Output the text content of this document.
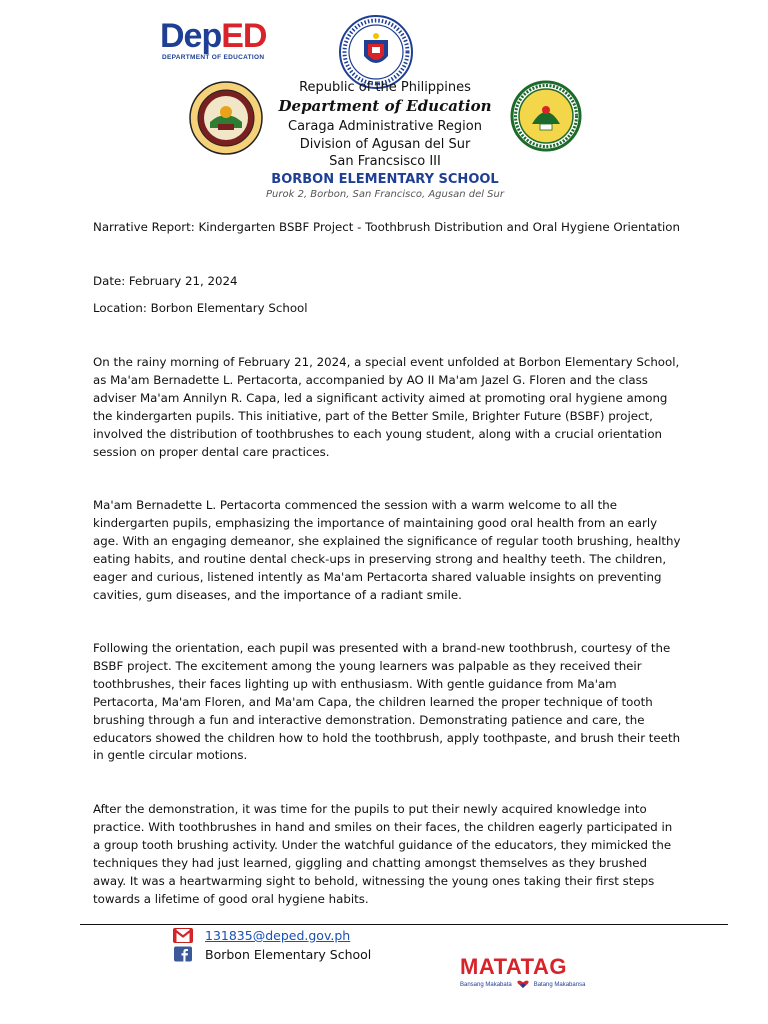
DepED
DEPARTMENT OF EDUCATION
Republic of the Philippines
Department of Education
Caraga Administrative Region
Division of Agusan del Sur
San Francsisco III
BORBON ELEMENTARY SCHOOL
Purok 2, Borbon, San Francisco, Agusan del Sur
Narrative Report: Kindergarten BSBF Project - Toothbrush Distribution and Oral Hygiene Orientation
Date: February 21, 2024
Location: Borbon Elementary School

On the rainy morning of February 21, 2024, a special event unfolded at Borbon Elementary School, as Ma'am Bernadette L. Pertacorta, accompanied by AO II Ma'am Jazel G. Floren and the class adviser Ma'am Annilyn R. Capa, led a significant activity aimed at promoting oral hygiene among the kindergarten pupils. This initiative, part of the Better Smile, Brighter Future (BSBF) project, involved the distribution of toothbrushes to each young student, along with a crucial orientation session on proper dental care practices.

Ma'am Bernadette L. Pertacorta commenced the session with a warm welcome to all the kindergarten pupils, emphasizing the importance of maintaining good oral health from an early age. With an engaging demeanor, she explained the significance of regular tooth brushing, healthy eating habits, and routine dental check-ups in preserving strong and healthy teeth. The children, eager and curious, listened intently as Ma'am Pertacorta shared valuable insights on preventing cavities, gum diseases, and the importance of a radiant smile.

Following the orientation, each pupil was presented with a brand-new toothbrush, courtesy of the BSBF project. The excitement among the young learners was palpable as they received their toothbrushes, their faces lighting up with enthusiasm. With gentle guidance from Ma'am Pertacorta, Ma'am Floren, and Ma'am Capa, the children learned the proper technique of tooth brushing through a fun and interactive demonstration. Demonstrating patience and care, the educators showed the children how to hold the toothbrush, apply toothpaste, and brush their teeth in gentle circular motions.

After the demonstration, it was time for the pupils to put their newly acquired knowledge into practice. With toothbrushes in hand and smiles on their faces, the children eagerly participated in a group tooth brushing activity. Under the watchful guidance of the educators, they mimicked the techniques they had just learned, giggling and chatting amongst themselves as they brushed away. It was a heartwarming sight to behold, witnessing the young ones taking their first steps towards a lifetime of good oral hygiene habits.

131835@deped.gov.ph
Borbon Elementary School	MATATAG
Bansang Makabata	Batang Makabansa
